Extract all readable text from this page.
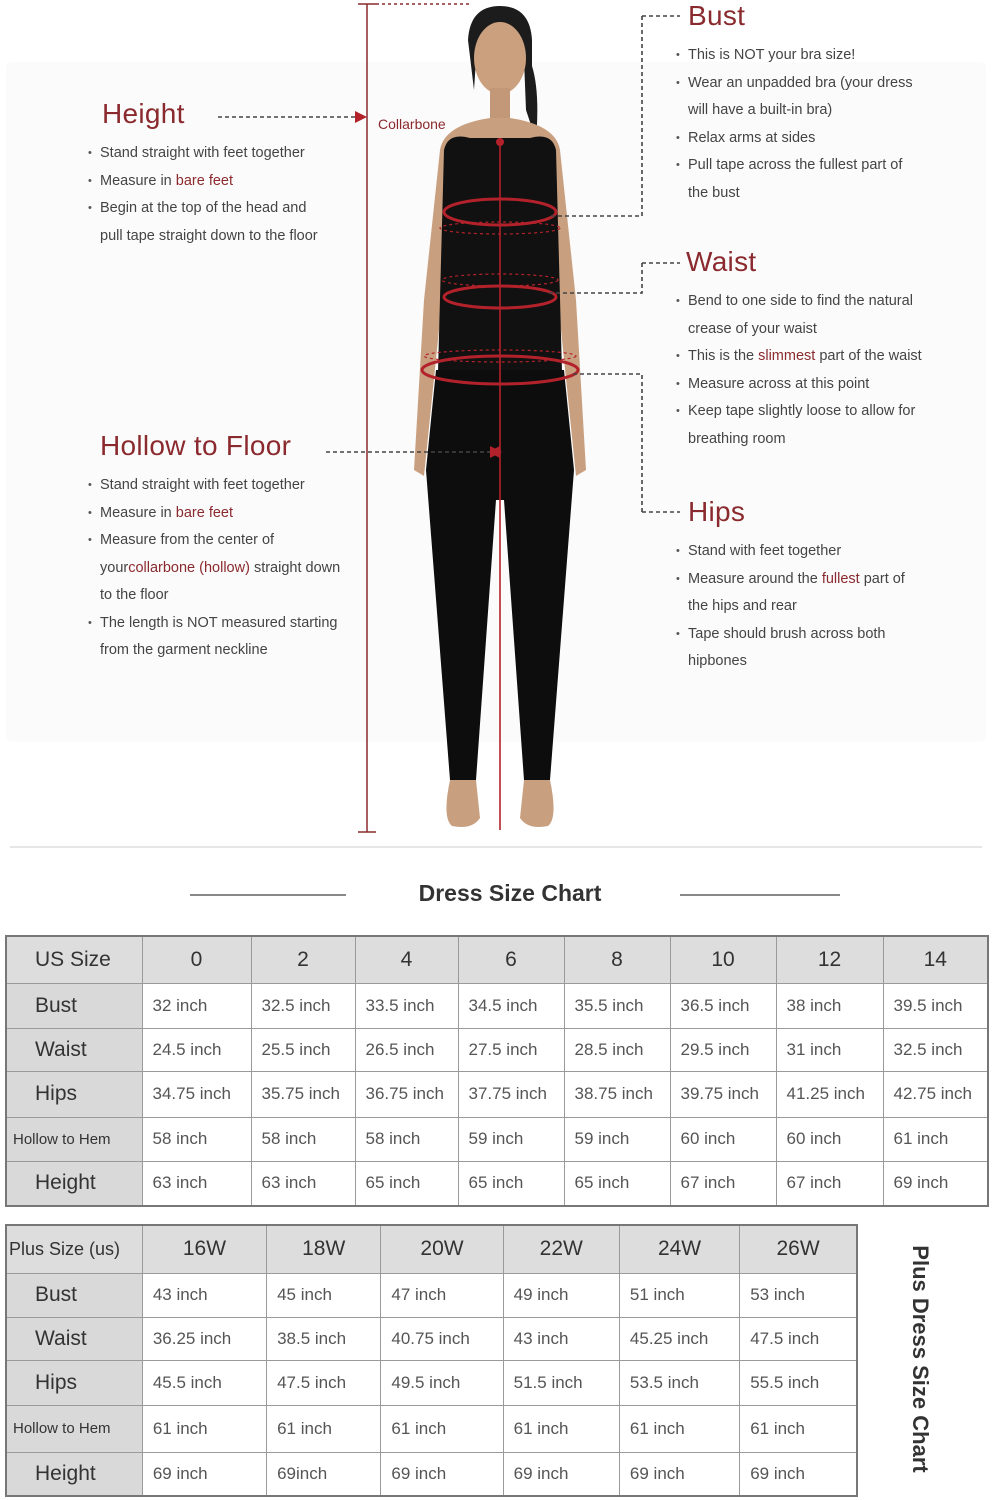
Collarbone
Height
• Stand straight with feet together
• Measure in bare feet
• Begin at the top of the head and
pull tape straight down to the floor
Hollow to Floor
• Stand straight with feet together
• Measure in bare feet
• Measure from the center of yourcollarbone (hollow) straight down
to the floor
• The length is NOT measured starting
from the garment neckline
Bust
• This is NOT your bra size!
• Wear an unpadded bra (your dress
will have a built-in bra)
• Relax arms at sides
• Pull tape across the fullest part of
the bust
Waist
• Bend to one side to find the natural
crease of your waist
• This is the slimmest part of the waist
• Measure across at this point
• Keep tape slightly loose to allow for
breathing room
Hips
• Stand with feet together
• Measure around the fullest part of
the hips and rear
• Tape should brush across both
hipbones
Dress Size Chart
US Size	0	2	4	6	8	10	12	14
Bust	32 inch	32.5 inch	33.5 inch	34.5 inch	35.5 inch	36.5 inch	38 inch	39.5 inch
Waist	24.5 inch	25.5 inch	26.5 inch	27.5 inch	28.5 inch	29.5 inch	31 inch	32.5 inch
Hips	34.75 inch	35.75 inch	36.75 inch	37.75 inch	38.75 inch	39.75 inch	41.25 inch	42.75 inch
Hollow to Hem	58 inch	58 inch	58 inch	59 inch	59 inch	60 inch	60 inch	61 inch
Height	63 inch	63 inch	65 inch	65 inch	65 inch	67 inch	67 inch	69 inch
Plus Size (us)	16W	18W	20W	22W	24W	26W
Bust	43 inch	45 inch	47 inch	49 inch	51 inch	53 inch
Waist	36.25 inch	38.5 inch	40.75 inch	43 inch	45.25 inch	47.5 inch
Hips	45.5 inch	47.5 inch	49.5 inch	51.5 inch	53.5 inch	55.5 inch
Hollow to Hem	61 inch	61 inch	61 inch	61 inch	61 inch	61 inch
Height	69 inch	69inch	69 inch	69 inch	69 inch	69 inch
Plus Dress Size Chart
